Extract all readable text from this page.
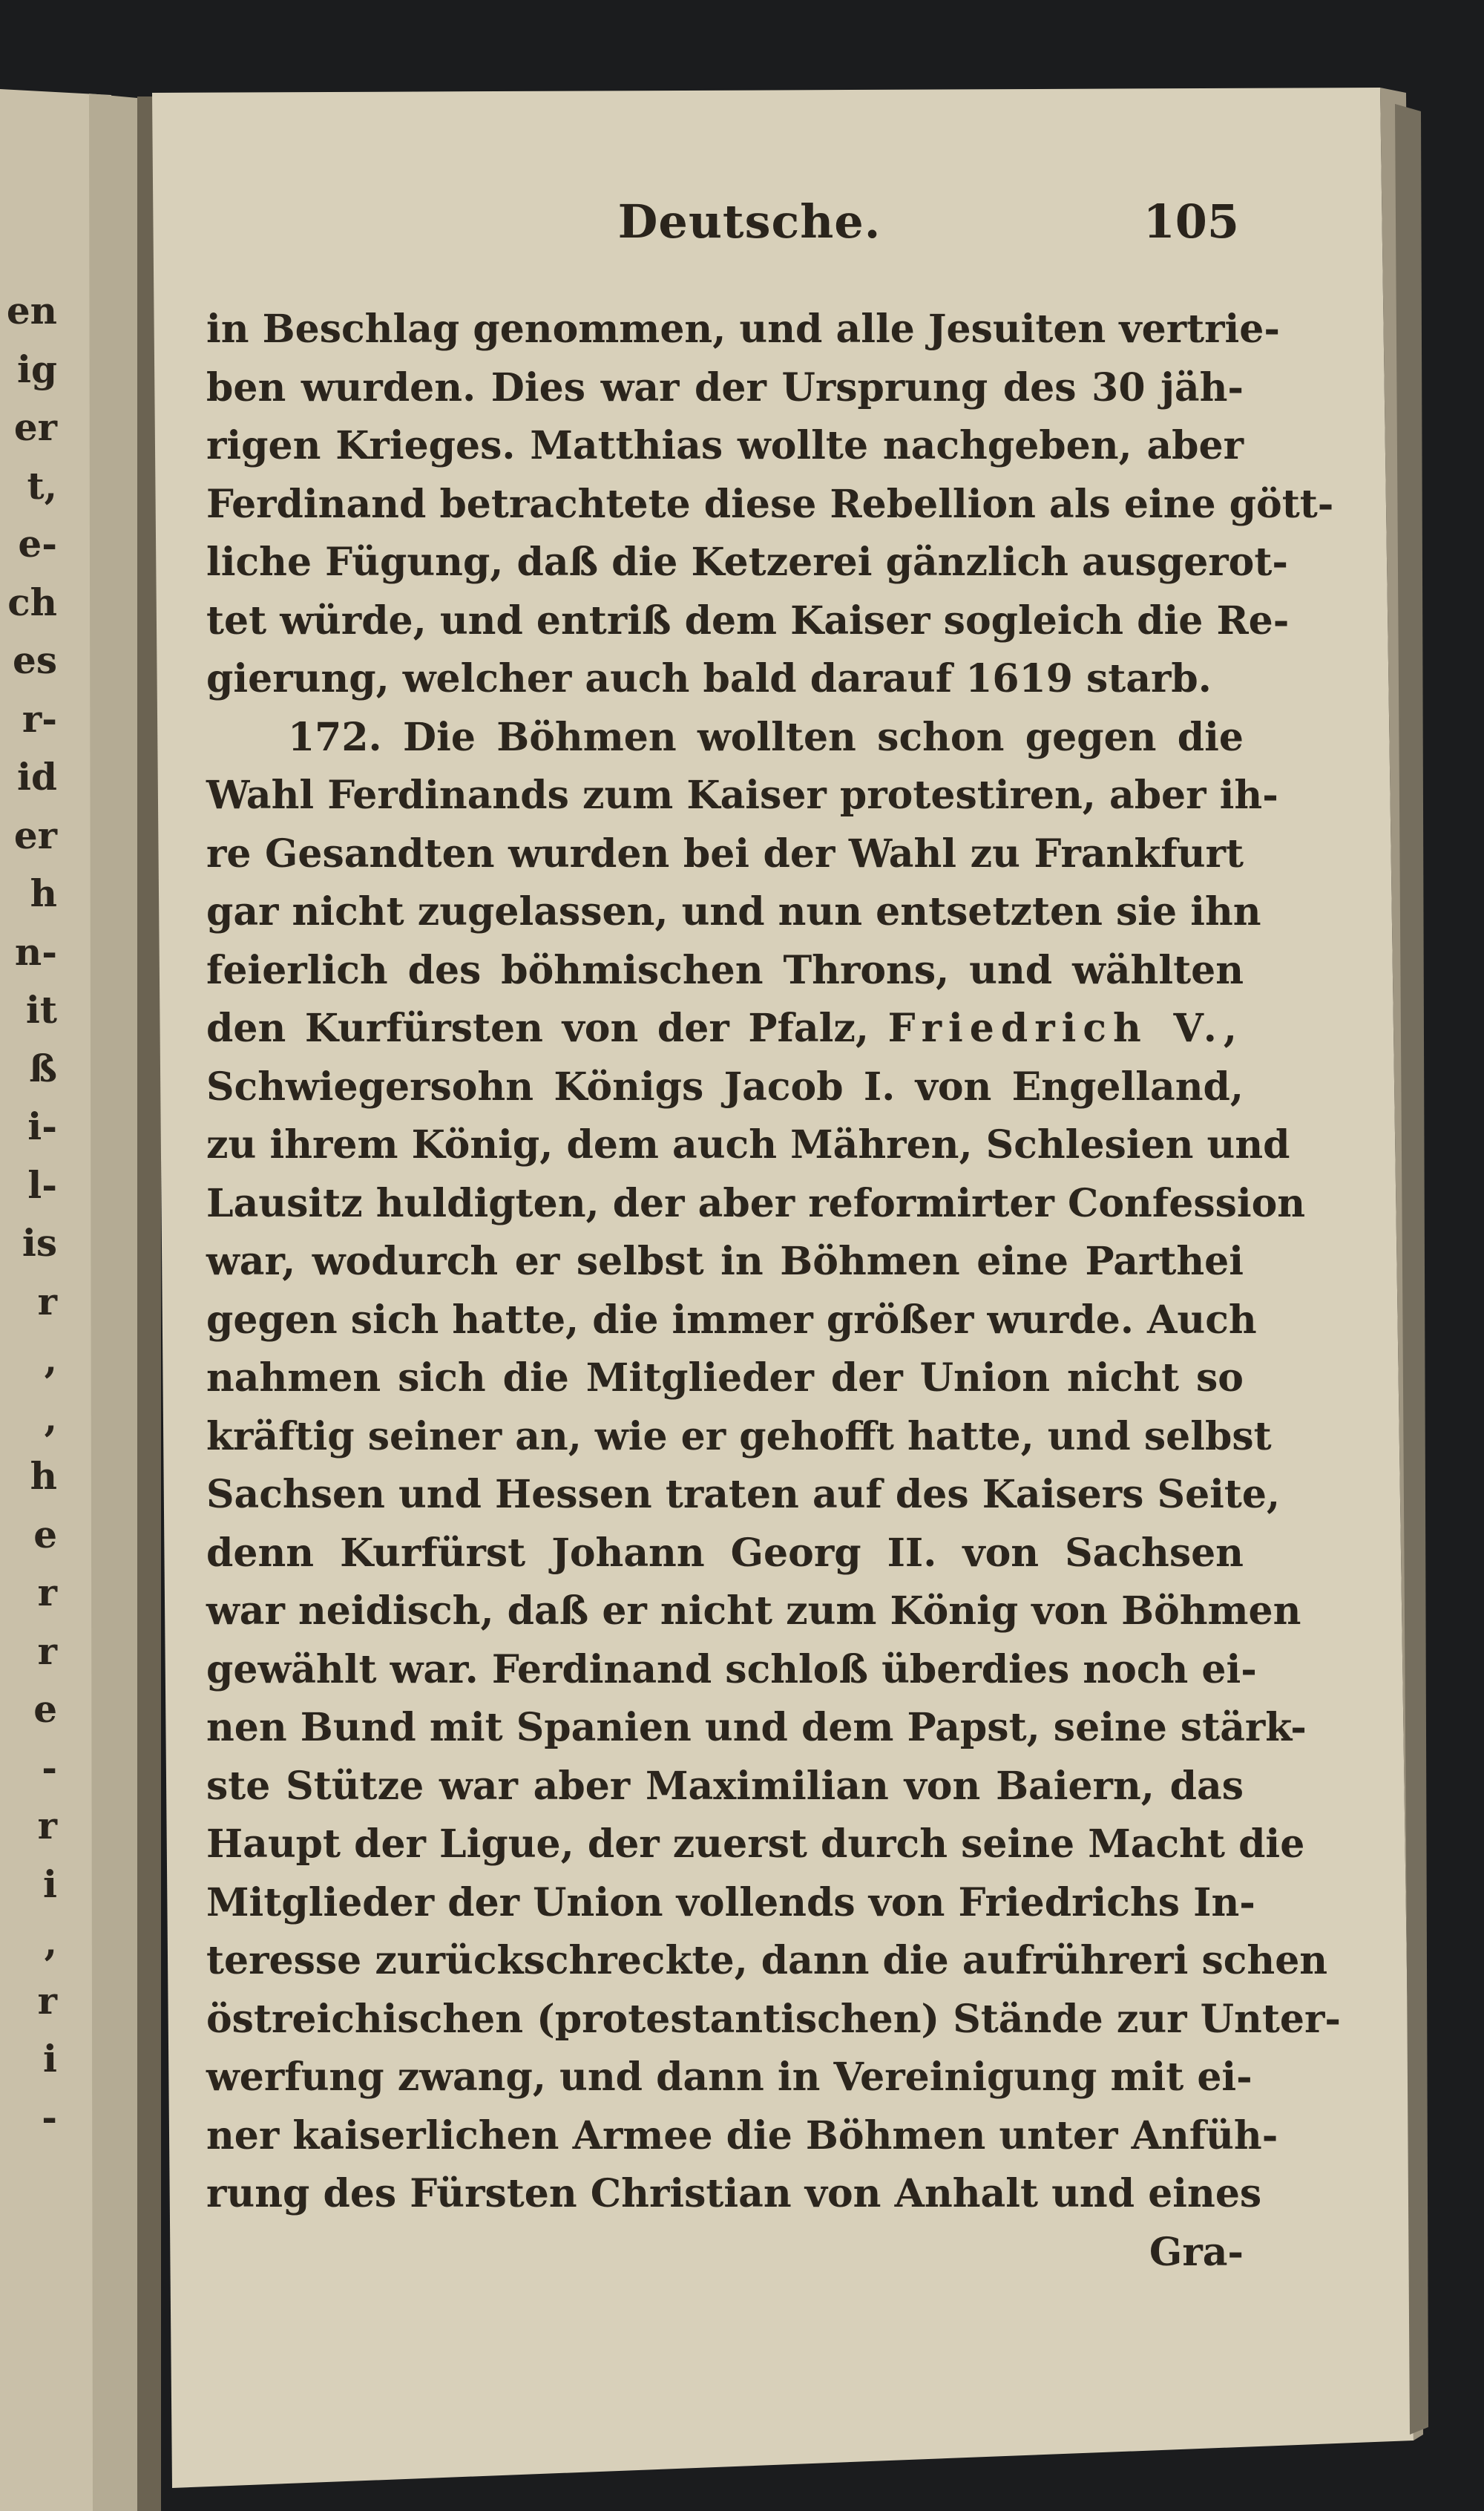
en
ig
er
t,
e-
ch
es
r-
id
er
h
n-
it
ß
i-
l-
is
r
,
,
h
e
r
r
e
-
r
i
,
r
i
-
Deutsche.	105
in Beschlag genommen, und alle Jesuiten vertrie-
ben wurden. Dies war der Ursprung des 30 jäh-
rigen Krieges. Matthias wollte nachgeben, aber
Ferdinand betrachtete diese Rebellion als eine gött-
liche Fügung, daß die Ketzerei gänzlich ausgerot-
tet würde, und entriß dem Kaiser sogleich die Re-
gierung, welcher auch bald darauf 1619 starb.
172. Die Böhmen wollten schon gegen die
Wahl Ferdinands zum Kaiser protestiren, aber ih-
re Gesandten wurden bei der Wahl zu Frankfurt
gar nicht zugelassen, und nun entsetzten sie ihn
feierlich des böhmischen Throns, und wählten
den Kurfürsten von der Pfalz, Friedrich V.,
Schwiegersohn Königs Jacob I. von Engelland,
zu ihrem König, dem auch Mähren, Schlesien und
Lausitz huldigten, der aber reformirter Confession
war, wodurch er selbst in Böhmen eine Parthei
gegen sich hatte, die immer größer wurde. Auch
nahmen sich die Mitglieder der Union nicht so
kräftig seiner an, wie er gehofft hatte, und selbst
Sachsen und Hessen traten auf des Kaisers Seite,
denn Kurfürst Johann Georg II. von Sachsen
war neidisch, daß er nicht zum König von Böhmen
gewählt war. Ferdinand schloß überdies noch ei-
nen Bund mit Spanien und dem Papst, seine stärk-
ste Stütze war aber Maximilian von Baiern, das
Haupt der Ligue, der zuerst durch seine Macht die
Mitglieder der Union vollends von Friedrichs In-
teresse zurückschreckte, dann die aufrühreri schen
östreichischen (protestantischen) Stände zur Unter-
werfung zwang, und dann in Vereinigung mit ei-
ner kaiserlichen Armee die Böhmen unter Anfüh-
rung des Fürsten Christian von Anhalt und eines
Gra-
